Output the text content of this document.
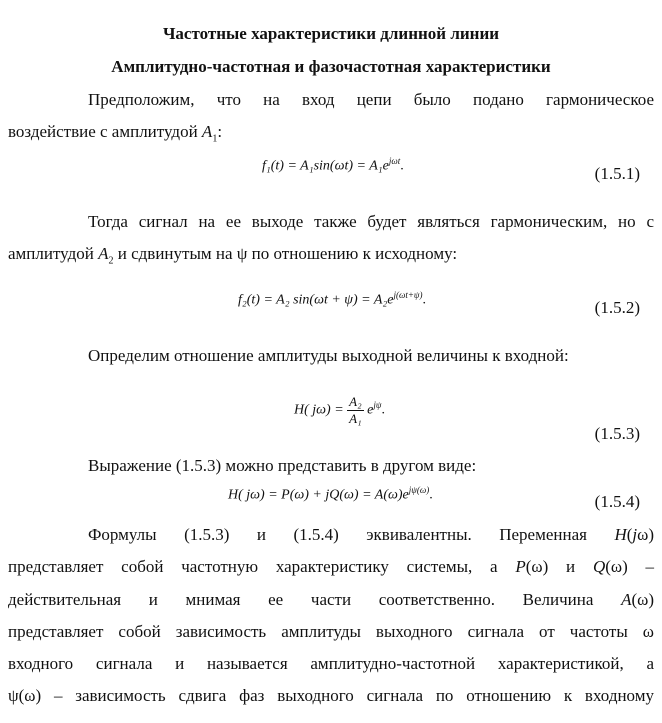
Частотные характеристики длинной линии
Амплитудно-частотная и фазочастотная характеристики
Предположим, что на вход цепи было подано гармоническое
воздействие с амплитудой $A_1$:
$f_1(t) = A_1\sin(\omega t) = A_1e^{j\omega t}$.	(1.5.1)
Тогда сигнал на ее выходе также будет являться гармоническим, но с
амплитудой $A_2$ и сдвинутым на ψ по отношению к исходному:
f₂(t) = A₂ $\sin(\omega t + \psi) = A_2e^{j(\omega t+\psi)}$.	(1.5.2)
Определим отношение амплитуды выходной величины к входной:
H( $j\omega) = \frac{\text{A₂}}{\text{A₁}} e^{j\psi}$.
(1.5.3)
Выражение (1.5.3) можно представить в другом виде:
H( $j\omega) = P(\omega) + jQ(\omega) = A(\omega)e^{j\psi(\omega)}$.	(1.5.4)
Формулы (1.5.3) и (1.5.4) эквивалентны. Переменная H(jω)
представляет собой частотную характеристику системы, а P(ω) и Q(ω) –
действительная и мнимая ее части соответственно. Величина A(ω)
представляет собой зависимость амплитуды выходного сигнала от частоты ω
входного сигнала и называется амплитудно-частотной характеристикой, а
ψ(ω) – зависимость сдвига фаз выходного сигнала по отношению к входному
